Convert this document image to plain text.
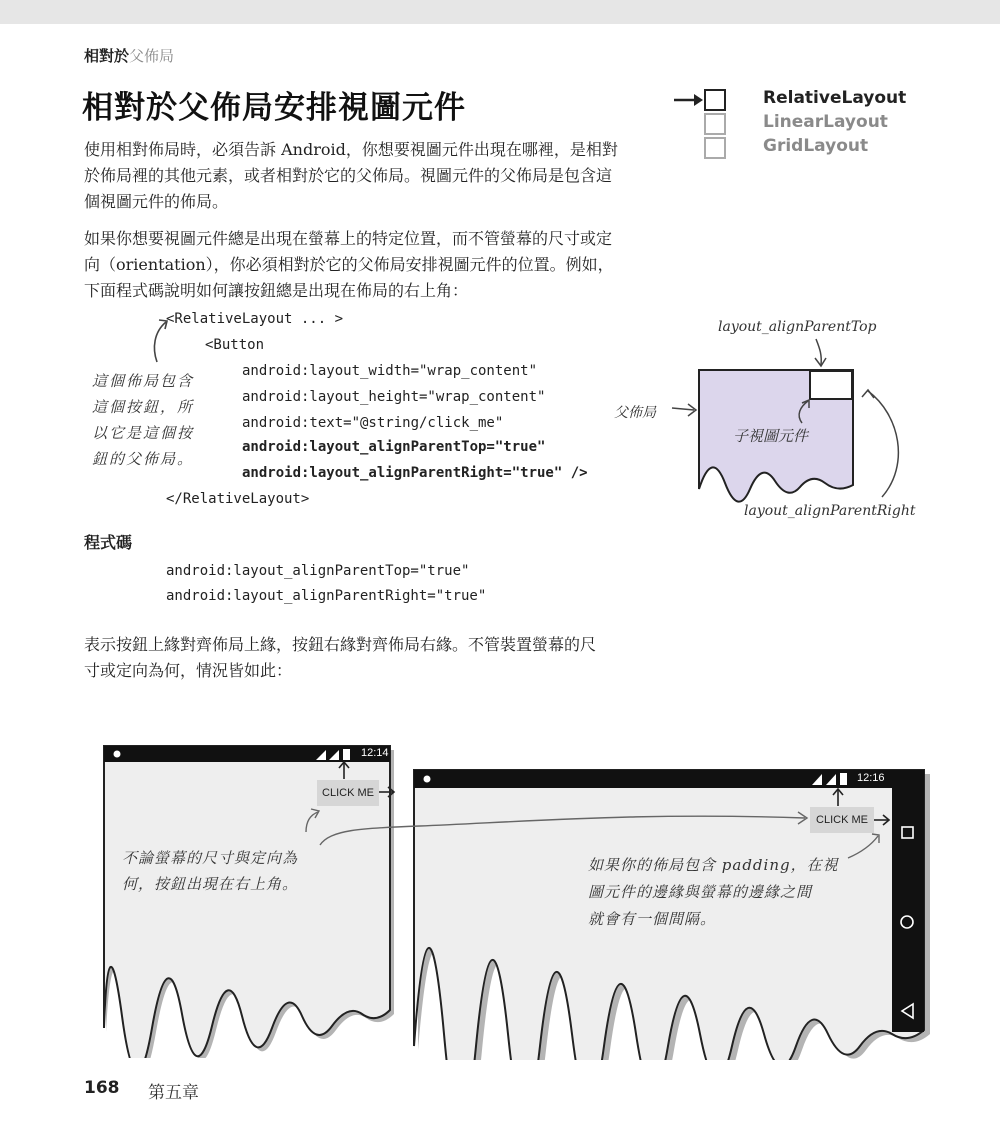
相對於父佈局
相對於父佈局安排視圖元件	RelativeLayout
LinearLayout
GridLayout

使用相對佈局時，必須告訴 Android，你想要視圖元件出現在哪裡，是相對於佈局裡的其他元素，或者相對於它的父佈局。視圖元件的父佈局是包含這個視圖元件的佈局。

如果你想要視圖元件總是出現在螢幕上的特定位置，而不管螢幕的尺寸或定向（orientation），你必須相對於它的父佈局安排視圖元件的位置。例如，下面程式碼說明如何讓按鈕總是出現在佈局的右上角：

<RelativeLayout ... >
<Button
android:layout_width="wrap_content"
android:layout_height="wrap_content"
android:text="@string/click_me"
android:layout_alignParentTop="true"
android:layout_alignParentRight="true" />
</RelativeLayout>
這個佈局包含
這個按鈕，所
以它是這個按
鈕的父佈局。
layout_alignParentTop
父佈局
子視圖元件
layout_alignParentRight
程式碼
android:layout_alignParentTop="true"
android:layout_alignParentRight="true"

表示按鈕上緣對齊佈局上緣，按鈕右緣對齊佈局右緣。不管裝置螢幕的尺寸或定向為何，情況皆如此：

12:14
CLICK ME
不論螢幕的尺寸與定向為
何，按鈕出現在右上角。
12:16
CLICK ME
如果你的佈局包含 padding，在視
圖元件的邊緣與螢幕的邊緣之間
就會有一個間隔。
168 第五章
